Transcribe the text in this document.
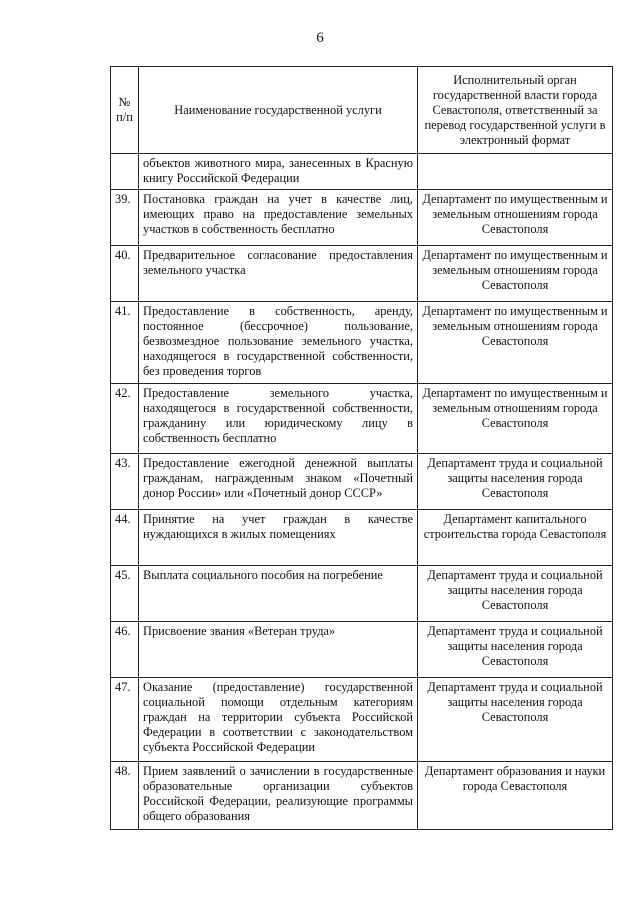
6
№ п/п	Наименование государственной услуги	Исполнительный орган государственной власти города Севастополя, ответственный за перевод государственной услуги в электронный формат
	объектов животного мира, занесенных в Красную книгу Российской Федерации	
39.	Постановка граждан на учет в качестве лиц, имеющих право на предоставление земельных участков в собственность бесплатно	Департамент по имущественным и земельным отношениям города Севастополя
40.	Предварительное согласование предоставления земельного участка	Департамент по имущественным и земельным отношениям города Севастополя
41.	Предоставление в собственность, аренду, постоянное (бессрочное) пользование, безвозмездное пользование земельного участка, находящегося в государственной собственности, без проведения торгов	Департамент по имущественным и земельным отношениям города Севастополя
42.	Предоставление земельного участка, находящегося в государственной собственности, гражданину или юридическому лицу в собственность бесплатно	Департамент по имущественным и земельным отношениям города Севастополя
43.	Предоставление ежегодной денежной выплаты гражданам, награжденным знаком «Почетный донор России» или «Почетный донор СССР»	Департамент труда и социальной защиты населения города Севастополя
44.	Принятие на учет граждан в качестве нуждающихся в жилых помещениях	Департамент капитального строительства города Севастополя
45.	Выплата социального пособия на погребение	Департамент труда и социальной защиты населения города Севастополя
46.	Присвоение звания «Ветеран труда»	Департамент труда и социальной защиты населения города Севастополя
47.	Оказание (предоставление) государственной социальной помощи отдельным категориям граждан на территории субъекта Российской Федерации в соответствии с законодательством субъекта Российской Федерации	Департамент труда и социальной защиты населения города Севастополя
48.	Прием заявлений о зачислении в государственные образовательные организации субъектов Российской Федерации, реализующие программы общего образования	Департамент образования и науки города Севастополя
